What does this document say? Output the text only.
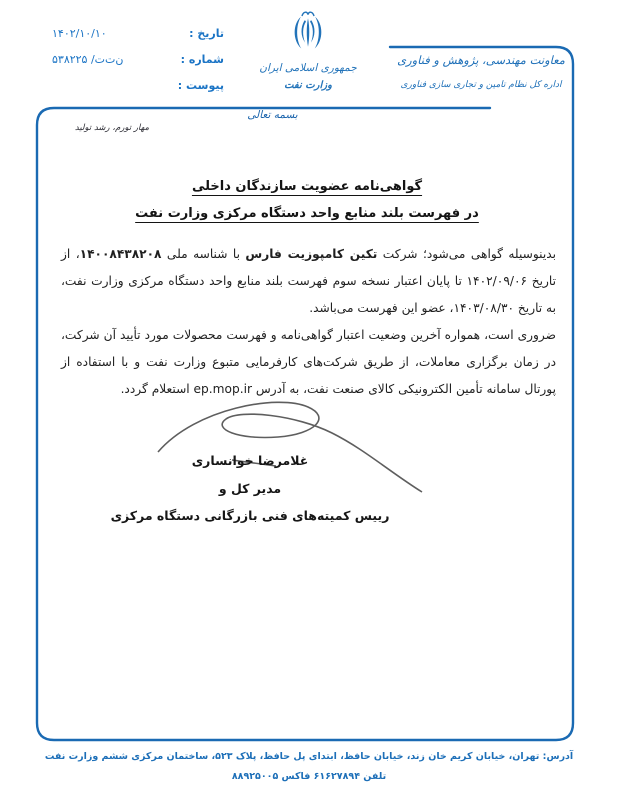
تاریخ :
۱۴۰۲/۱۰/۱۰
شماره :
ن‌ت‌ت/ ۵۳۸۲۲۵
پیوست :
جمهوری اسلامی ایران
وزارت نفت
معاونت مهندسی، پژوهش و فناوری
اداره کل نظام تامین و تجاری سازی فناوری
بسمه تعالی
مهار تورم، رشد تولید
گواهی‌نامه عضویت سازندگان داخلی
در فهرست بلند منابع واحد دستگاه مرکزی وزارت نفت

بدینوسیله گواهی می‌شود؛ شرکت تکین کامپوزیت فارس با شناسه ملی ۱۴۰۰۸۴۳۸۲۰۸، از تاریخ ۱۴۰۲/۰۹/۰۶ تا پایان اعتبار نسخه سوم فهرست بلند منابع واحد دستگاه مرکزی وزارت نفت، به تاریخ ۱۴۰۳/۰۸/۳۰، عضو این فهرست می‌باشد.

ضروری است، همواره آخرین وضعیت اعتبار گواهی‌نامه و فهرست محصولات مورد تأیید آن شرکت، در زمان برگزاری معاملات، از طریق شرکت‌های کارفرمایی متبوع وزارت نفت و با استفاده از پورتال سامانه تأمین الکترونیکی کالای صنعت نفت، به آدرس ep.mop.ir استعلام گردد.

غلامرضا خوانساری
مدیر کل و
رییس کمیته‌های فنی بازرگانی دستگاه مرکزی
آدرس: تهران، خیابان کریم خان زند، خیابان حافظ، ابتدای پل حافظ، پلاک ۵۲۳، ساختمان مرکزی ششم وزارت نفت
تلفن ۶۱۶۲۷۸۹۴ فاکس ۸۸۹۲۵۰۰۵
